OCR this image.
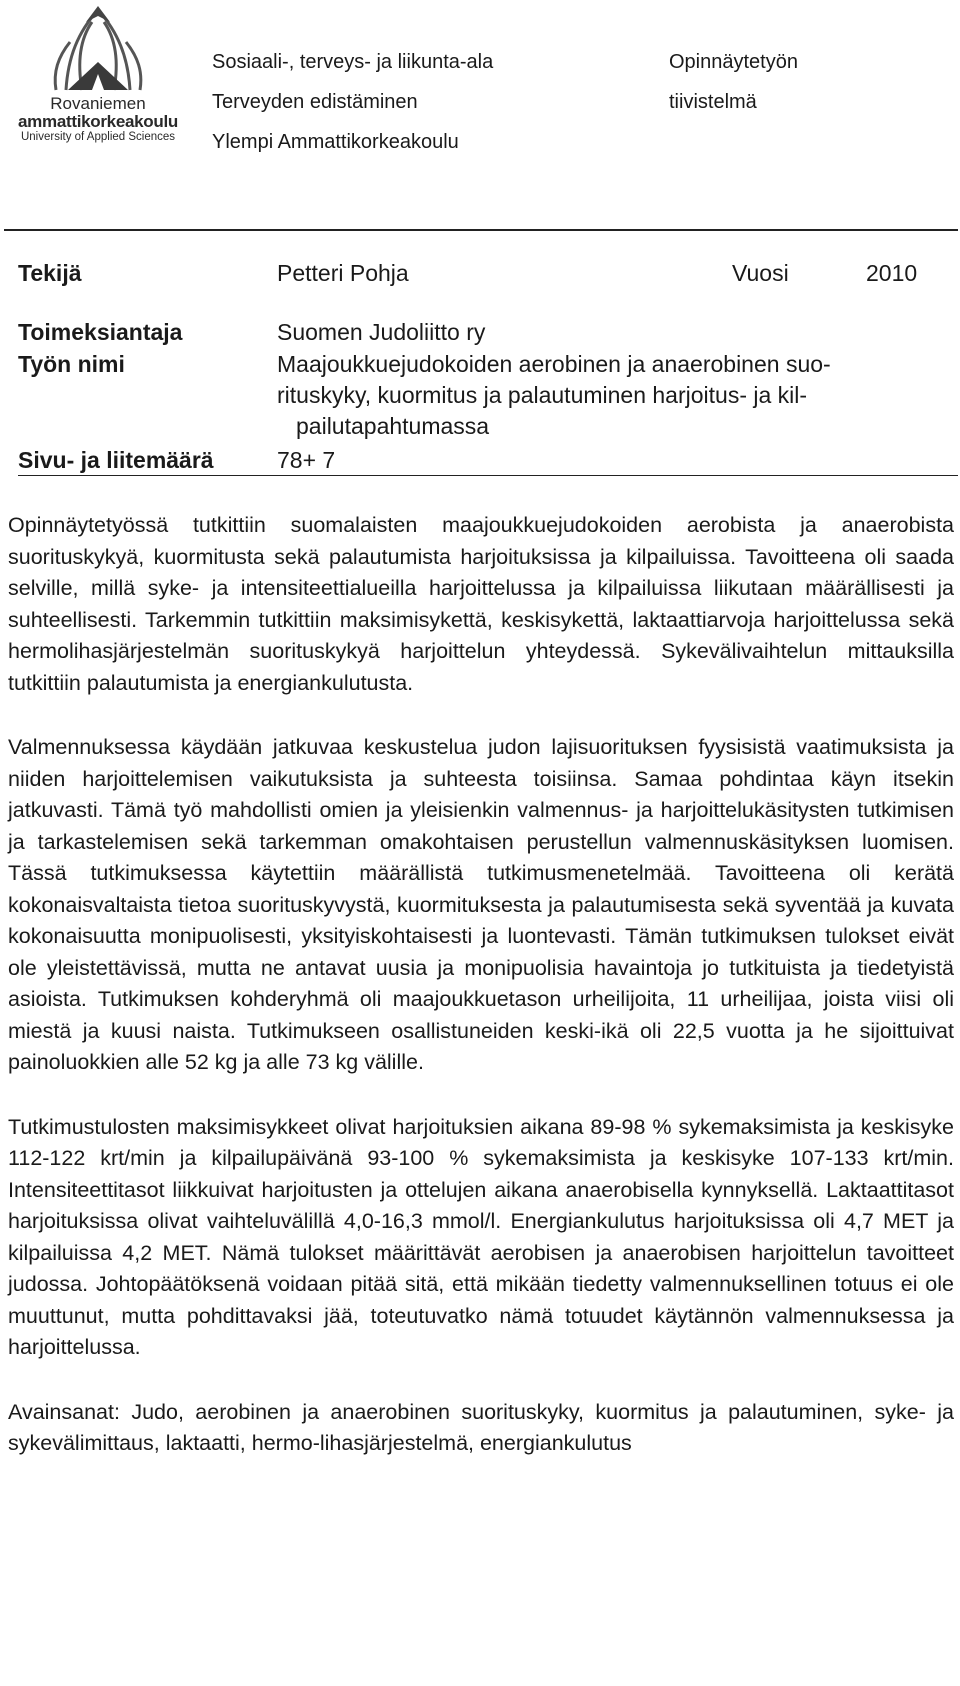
Rovaniemen
ammattikorkeakoulu
University of Applied Sciences
Sosiaali-, terveys- ja liikunta-ala
Terveyden edistäminen
Ylempi Ammattikorkeakoulu
Opinnäytetyön
tiivistelmä
Tekijä	Petteri Pohja	Vuosi	2010
Toimeksiantaja	Suomen Judoliitto ry
Työn nimi	Maajoukkuejudokoiden aerobinen ja anaerobinen suo-
rituskyky, kuormitus ja palautuminen harjoitus- ja kil-
pailutapahtumassa
Sivu- ja liitemäärä	78+ 7

Opinnäytetyössä tutkittiin suomalaisten maajoukkuejudokoiden aerobista ja anaerobista suorituskykyä, kuormitusta sekä palautumista harjoituksissa ja kilpailuissa. Tavoitteena oli saada selville, millä syke- ja intensiteettialueilla harjoittelussa ja kilpailuissa liikutaan määrällisesti ja suhteellisesti. Tarkemmin tutkittiin maksimisykettä, keskisykettä, laktaattiarvoja harjoittelussa sekä hermolihasjärjestelmän suorituskykyä harjoittelun yhteydessä. Sykevälivaihtelun mittauksilla tutkittiin palautumista ja energiankulutusta.

Valmennuksessa käydään jatkuvaa keskustelua judon lajisuorituksen fyysisistä vaatimuksista ja niiden harjoittelemisen vaikutuksista ja suhteesta toisiinsa. Samaa pohdintaa käyn itsekin jatkuvasti. Tämä työ mahdollisti omien ja yleisienkin valmennus- ja harjoittelukäsitysten tutkimisen ja tarkastelemisen sekä tarkemman omakohtaisen perustellun valmennuskäsityksen luomisen. Tässä tutkimuksessa käytettiin määrällistä tutkimusmenetelmää. Tavoitteena oli kerätä kokonaisvaltaista tietoa suorituskyvystä, kuormituksesta ja palautumisesta sekä syventää ja kuvata kokonaisuutta monipuolisesti, yksityiskohtaisesti ja luontevasti. Tämän tutkimuksen tulokset eivät ole yleistettävissä, mutta ne antavat uusia ja monipuolisia havaintoja jo tutkituista ja tiedetyistä asioista. Tutkimuksen kohderyhmä oli maajoukkuetason urheilijoita, 11 urheilijaa, joista viisi oli miestä ja kuusi naista. Tutkimukseen osallistuneiden keski-ikä oli 22,5 vuotta ja he sijoittuivat painoluokkien alle 52 kg ja alle 73 kg välille.

Tutkimustulosten maksimisykkeet olivat harjoituksien aikana 89-98 % sykemaksimista ja keskisyke 112-122 krt/min ja kilpailupäivänä 93-100 % sykemaksimista ja keskisyke 107-133 krt/min. Intensiteettitasot liikkuivat harjoitusten ja ottelujen aikana anaerobisella kynnyksellä. Laktaattitasot harjoituksissa olivat vaihteluvälillä 4,0-16,3 mmol/l. Energiankulutus harjoituksissa oli 4,7 MET ja kilpailuissa 4,2 MET. Nämä tulokset määrittävät aerobisen ja anaerobisen harjoittelun tavoitteet judossa. Johtopäätöksenä voidaan pitää sitä, että mikään tiedetty valmennuksellinen totuus ei ole muuttunut, mutta pohdittavaksi jää, toteutuvatko nämä totuudet käytännön valmennuksessa ja harjoittelussa.

Avainsanat: Judo, aerobinen ja anaerobinen suorituskyky, kuormitus ja palautuminen, syke- ja sykevälimittaus, laktaatti, hermo-lihasjärjestelmä, energiankulutus
